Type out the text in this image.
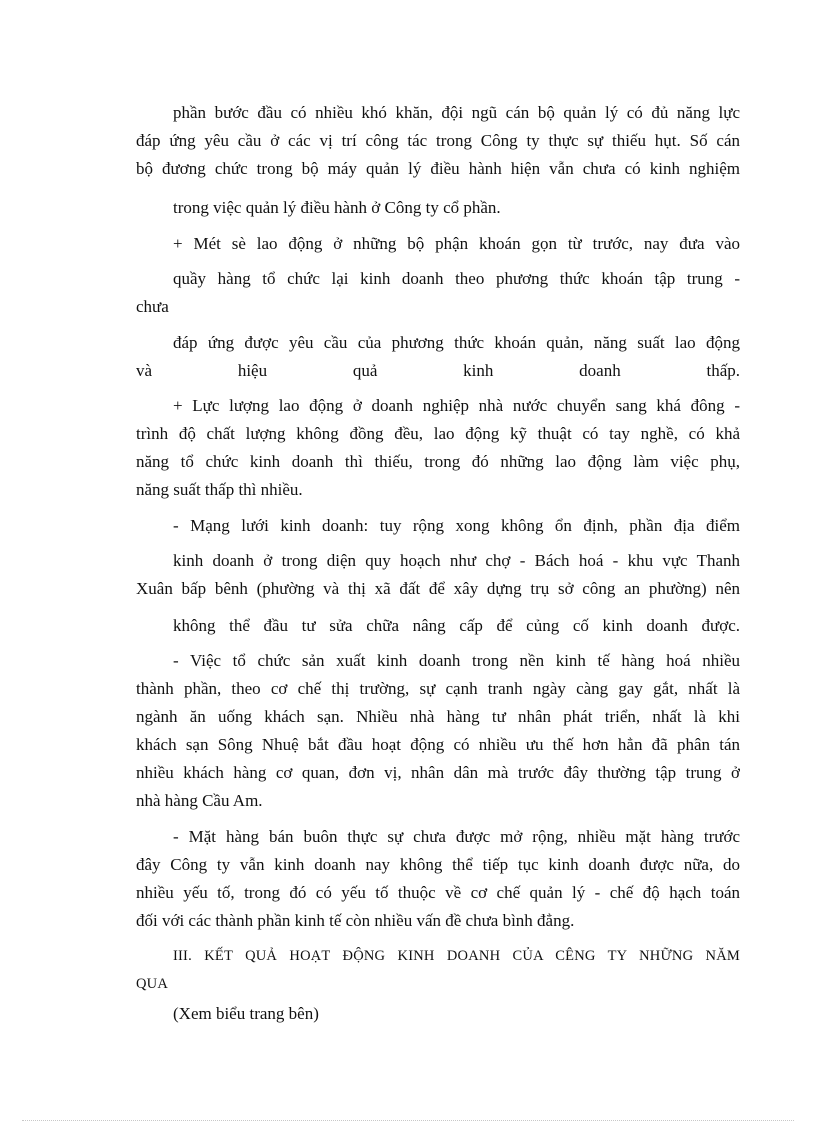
phần bước đầu có nhiều khó khăn, đội ngũ cán bộ quản lý có đủ năng lực
đáp ứng yêu cầu ở các vị trí công tác trong Công ty thực sự thiếu hụt. Số cán
bộ đương chức trong bộ máy quản lý điều hành hiện vẫn chưa có kinh nghiệm
trong việc quản lý điều hành ở Công ty cổ phần.
+ Mét sè lao động ở những bộ phận khoán gọn từ trước, nay đưa vào
quầy hàng tổ chức lại kinh doanh theo phương thức khoán tập trung -
chưa
đáp ứng được yêu cầu của phương thức khoán quản, năng suất lao động
và hiệu quả kinh doanh thấp.
+ Lực lượng lao động ở doanh nghiệp nhà nước chuyển sang khá đông -
trình độ chất lượng không đồng đều, lao động kỹ thuật có tay nghề, có khả
năng tổ chức kinh doanh thì thiếu, trong đó những lao động làm việc phụ,
năng suất thấp thì nhiều.
- Mạng lưới kinh doanh: tuy rộng xong không ổn định, phần địa điểm
kinh doanh ở trong diện quy hoạch như chợ - Bách hoá - khu vực Thanh
Xuân bấp bênh (phường và thị xã đất để xây dựng trụ sở công an phường) nên
không thể đầu tư sửa chữa nâng cấp để củng cố kinh doanh được.
- Việc tổ chức sản xuất kinh doanh trong nền kinh tế hàng hoá nhiều
thành phần, theo cơ chế thị trường, sự cạnh tranh ngày càng gay gắt, nhất là
ngành ăn uống khách sạn. Nhiều nhà hàng tư nhân phát triển, nhất là khi
khách sạn Sông Nhuệ bắt đầu hoạt động có nhiều ưu thế hơn hẳn đã phân tán
nhiều khách hàng cơ quan, đơn vị, nhân dân mà trước đây thường tập trung ở
nhà hàng Cầu Am.
- Mặt hàng bán buôn thực sự chưa được mở rộng, nhiều mặt hàng trước
đây Công ty vẫn kinh doanh nay không thể tiếp tục kinh doanh được nữa, do
nhiều yếu tố, trong đó có yếu tố thuộc về cơ chế quản lý - chế độ hạch toán
đối với các thành phần kinh tế còn nhiều vấn đề chưa bình đẳng.
III. KẾT QUẢ HOẠT ĐỘNG KINH DOANH CỦA CÊNG TY NHỮNG NĂM
QUA
(Xem biểu trang bên)
